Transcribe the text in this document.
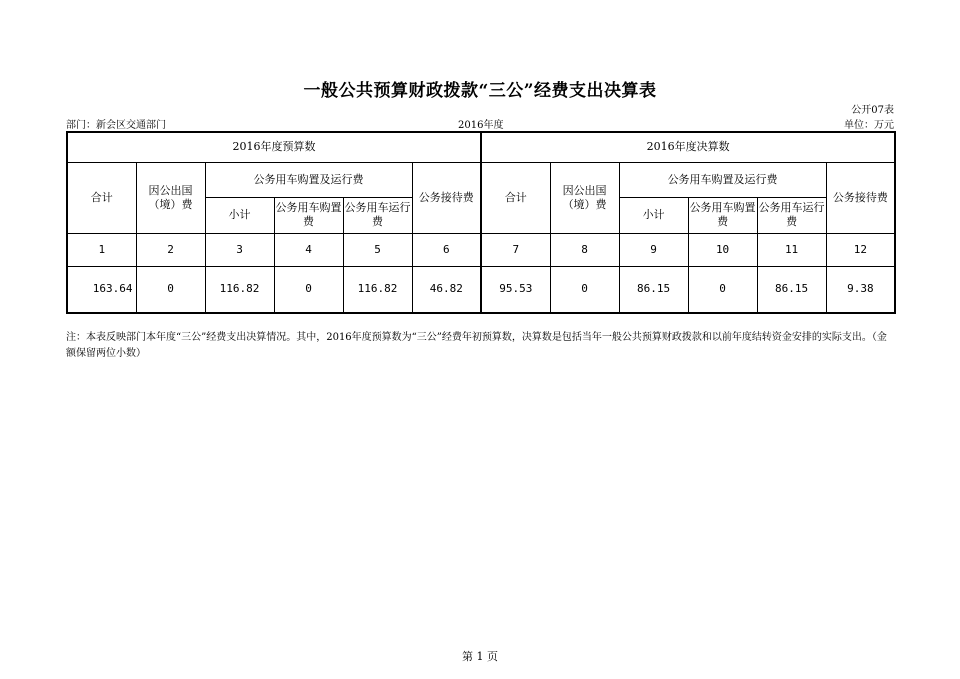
一般公共预算财政拨款“三公”经费支出决算表
公开07表
部门：新会区交通部门	2016年度	单位：万元
2016年度预算数						2016年度决算数					
合计	因公出国（境）费	公务用车购置及运行费			公务接待费	合计	因公出国（境）费	公务用车购置及运行费			公务接待费
		小计	公务用车购置费	公务用车运行费				小计	公务用车购置费	公务用车运行费	
1	2	3	4	5	6	7	8	9	10	11	12
163.64	0	116.82	0	116.82	46.82	95.53	0	86.15	0	86.15	9.38
注：本表反映部门本年度“三公”经费支出决算情况。其中，2016年度预算数为“三公”经费年初预算数，决算数是包括当年一般公共预算财政拨款和以前年度结转资金安排的实际支出。（金额保留两位小数）
第 1 页
